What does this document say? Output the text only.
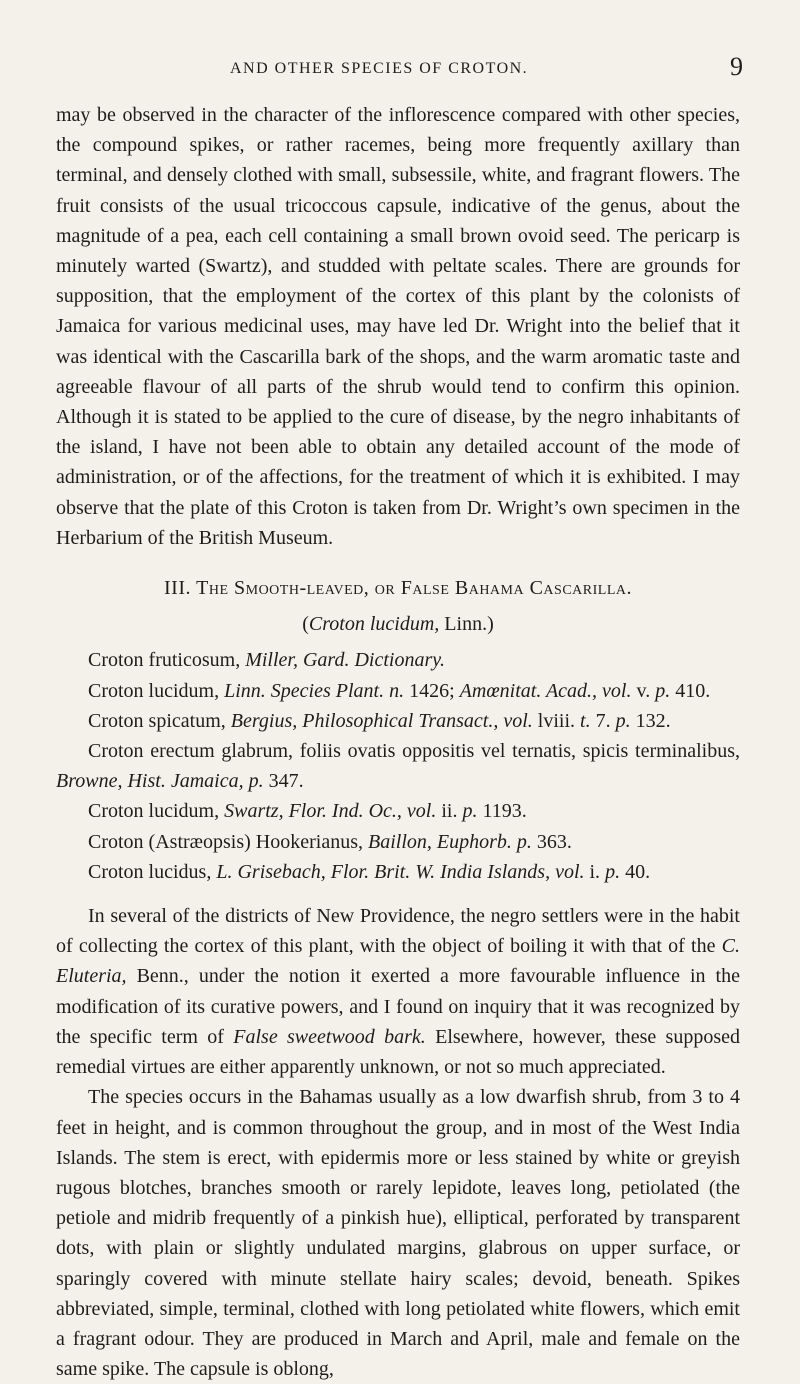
AND OTHER SPECIES OF CROTON.	9

may be observed in the character of the inflorescence compared with other species, the compound spikes, or rather racemes, being more frequently axillary than terminal, and densely clothed with small, subsessile, white, and fragrant flowers. The fruit consists of the usual tricoccous capsule, indicative of the genus, about the magnitude of a pea, each cell containing a small brown ovoid seed. The pericarp is minutely warted (Swartz), and studded with peltate scales. There are grounds for supposition, that the employment of the cortex of this plant by the colonists of Jamaica for various medicinal uses, may have led Dr. Wright into the belief that it was identical with the Cascarilla bark of the shops, and the warm aromatic taste and agreeable flavour of all parts of the shrub would tend to confirm this opinion. Although it is stated to be applied to the cure of disease, by the negro inhabitants of the island, I have not been able to obtain any detailed account of the mode of administration, or of the affections, for the treatment of which it is exhibited. I may observe that the plate of this Croton is taken from Dr. Wright’s own specimen in the Herbarium of the British Museum.

III. The Smooth-leaved, or False Bahama Cascarilla.

(Croton lucidum, Linn.)

Croton fruticosum, Miller, Gard. Dictionary.

Croton lucidum, Linn. Species Plant. n. 1426; Amœnitat. Acad., vol. v. p. 410.

Croton spicatum, Bergius, Philosophical Transact., vol. lviii. t. 7. p. 132.

Croton erectum glabrum, foliis ovatis oppositis vel ternatis, spicis terminalibus, Browne, Hist. Jamaica, p. 347.

Croton lucidum, Swartz, Flor. Ind. Oc., vol. ii. p. 1193.

Croton (Astræopsis) Hookerianus, Baillon, Euphorb. p. 363.

Croton lucidus, L. Grisebach, Flor. Brit. W. India Islands, vol. i. p. 40.

In several of the districts of New Providence, the negro settlers were in the habit of collecting the cortex of this plant, with the object of boiling it with that of the C. Eluteria, Benn., under the notion it exerted a more favourable influence in the modification of its curative powers, and I found on inquiry that it was recognized by the specific term of False sweetwood bark. Elsewhere, however, these supposed remedial virtues are either apparently unknown, or not so much appreciated.

The species occurs in the Bahamas usually as a low dwarfish shrub, from 3 to 4 feet in height, and is common throughout the group, and in most of the West India Islands. The stem is erect, with epidermis more or less stained by white or greyish rugous blotches, branches smooth or rarely lepidote, leaves long, petiolated (the petiole and midrib frequently of a pinkish hue), elliptical, perforated by transparent dots, with plain or slightly undulated margins, glabrous on upper surface, or sparingly covered with minute stellate hairy scales; devoid, beneath. Spikes abbreviated, simple, terminal, clothed with long petiolated white flowers, which emit a fragrant odour. They are produced in March and April, male and female on the same spike. The capsule is oblong,
